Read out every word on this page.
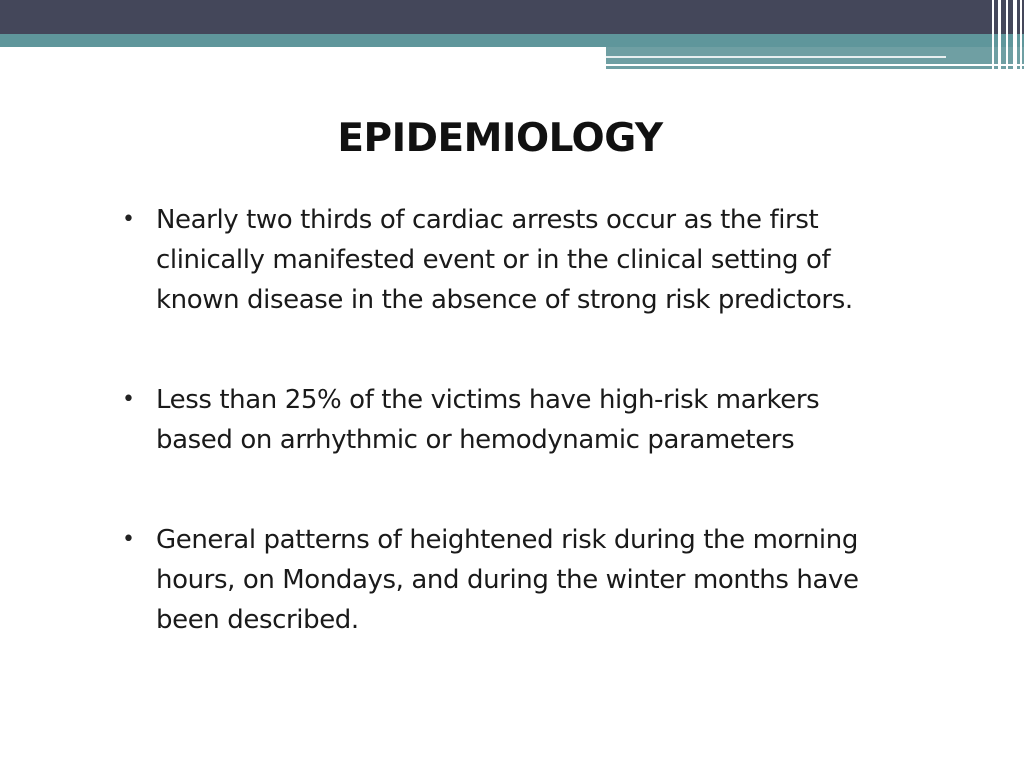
EPIDEMIOLOGY
• Nearly two thirds of cardiac arrests occur as the first clinically manifested event or in the clinical setting of known disease in the absence of strong risk predictors.
• Less than 25% of the victims have high-risk markers based on arrhythmic or hemodynamic parameters
• General patterns of heightened risk during the morning hours, on Mondays, and during the winter months have been described.
